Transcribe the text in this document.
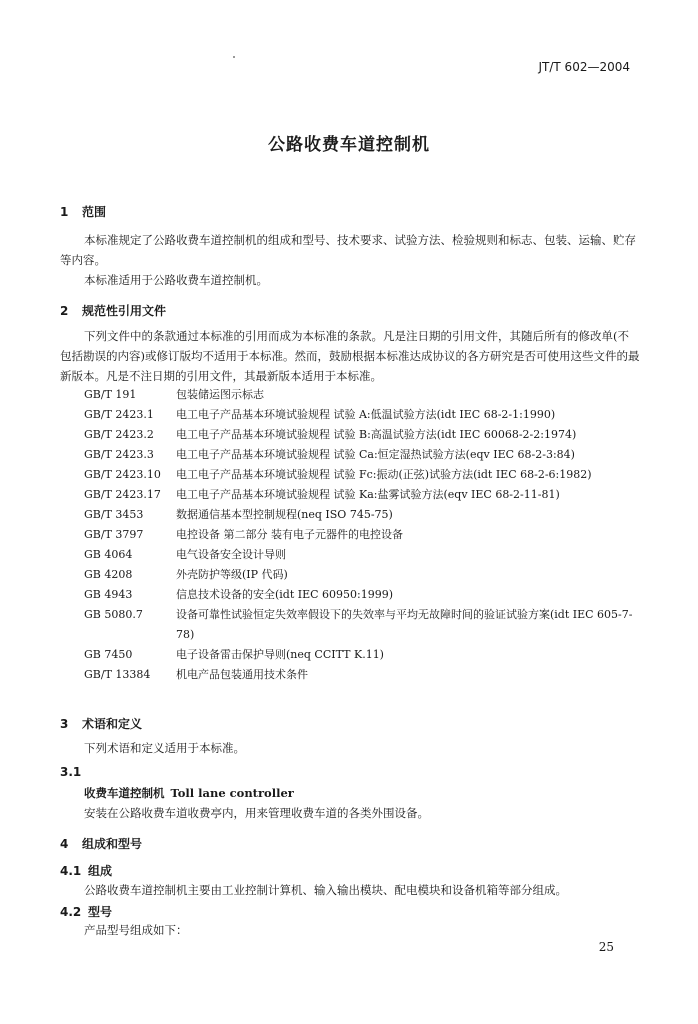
JT/T 602—2004
公路收费车道控制机
1 范围
本标准规定了公路收费车道控制机的组成和型号、技术要求、试验方法、检验规则和标志、包装、运输、贮存等内容。
本标准适用于公路收费车道控制机。
2 规范性引用文件
下列文件中的条款通过本标准的引用而成为本标准的条款。凡是注日期的引用文件，其随后所有的修改单(不包括勘误的内容)或修订版均不适用于本标准。然而，鼓励根据本标准达成协议的各方研究是否可使用这些文件的最新版本。凡是不注日期的引用文件，其最新版本适用于本标准。
GB/T 191	包装储运图示标志
GB/T 2423.1	电工电子产品基本环境试验规程 试验 A:低温试验方法(idt IEC 68-2-1:1990)
GB/T 2423.2	电工电子产品基本环境试验规程 试验 B:高温试验方法(idt IEC 60068-2-2:1974)
GB/T 2423.3	电工电子产品基本环境试验规程 试验 Ca:恒定湿热试验方法(eqv IEC 68-2-3:84)
GB/T 2423.10	电工电子产品基本环境试验规程 试验 Fc:振动(正弦)试验方法(idt IEC 68-2-6:1982)
GB/T 2423.17	电工电子产品基本环境试验规程 试验 Ka:盐雾试验方法(eqv IEC 68-2-11-81)
GB/T 3453	数据通信基本型控制规程(neq ISO 745-75)
GB/T 3797	电控设备 第二部分 装有电子元器件的电控设备
GB 4064	电气设备安全设计导则
GB 4208	外壳防护等级(IP 代码)
GB 4943	信息技术设备的安全(idt IEC 60950:1999)
GB 5080.7	设备可靠性试验恒定失效率假设下的失效率与平均无故障时间的验证试验方案(idt IEC 605-7-78)
GB 7450	电子设备雷击保护导则(neq CCITT K.11)
GB/T 13384	机电产品包装通用技术条件
3 术语和定义
下列术语和定义适用于本标准。
3.1
收费车道控制机 Toll lane controller
安装在公路收费车道收费亭内，用来管理收费车道的各类外围设备。
4 组成和型号
4.1 组成
公路收费车道控制机主要由工业控制计算机、输入输出模块、配电模块和设备机箱等部分组成。
4.2 型号
产品型号组成如下：
25
